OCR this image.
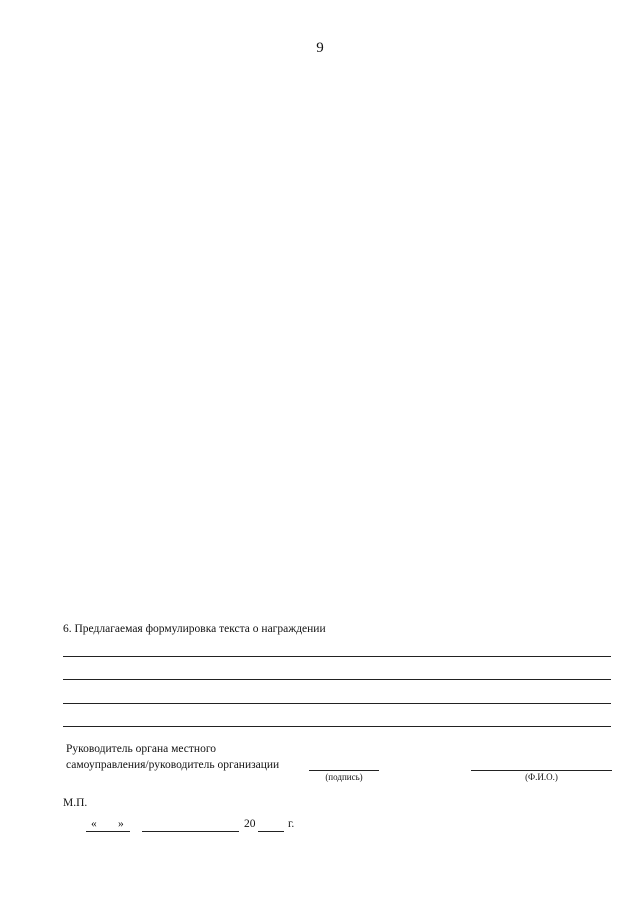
9
6. Предлагаемая формулировка текста о награждении
Руководитель органа местного
самоуправления/руководитель организации
(подпись)	(Ф.И.О.)
М.П.
« »	20	г.
